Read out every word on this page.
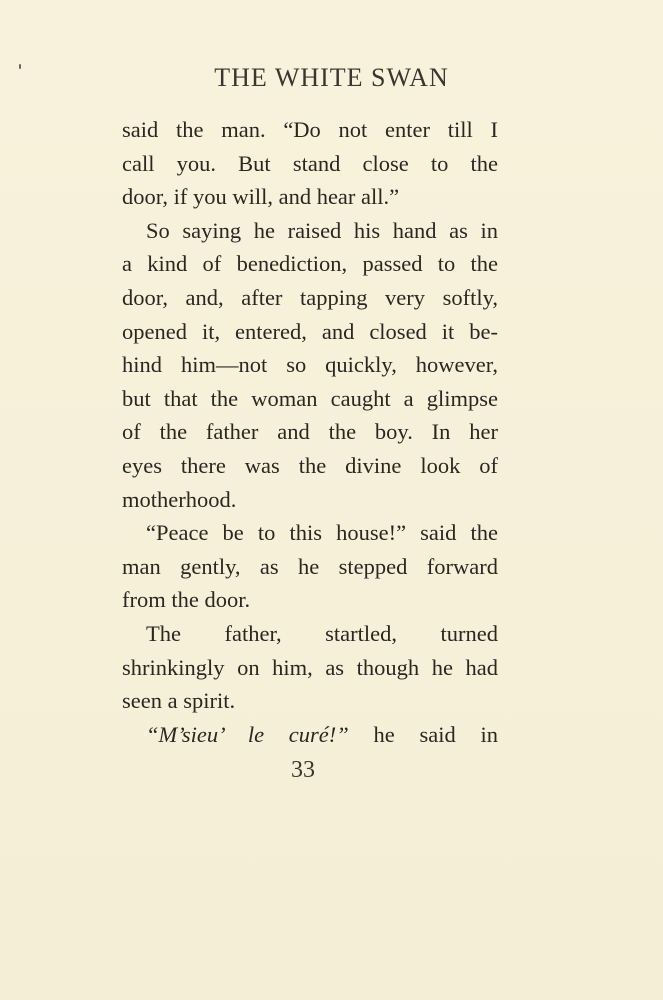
THE WHITE SWAN
said the man. “Do not enter till I
call you. But stand close to the
door, if you will, and hear all.”
So saying he raised his hand as in
a kind of benediction, passed to the
door, and, after tapping very softly,
opened it, entered, and closed it be-
hind him—not so quickly, however,
but that the woman caught a glimpse
of the father and the boy. In her
eyes there was the divine look of
motherhood.
“Peace be to this house!” said the
man gently, as he stepped forward
from the door.
The father, startled, turned
shrinkingly on him, as though he had
seen a spirit.
“M’sieu’ le curé!” he said in
33
